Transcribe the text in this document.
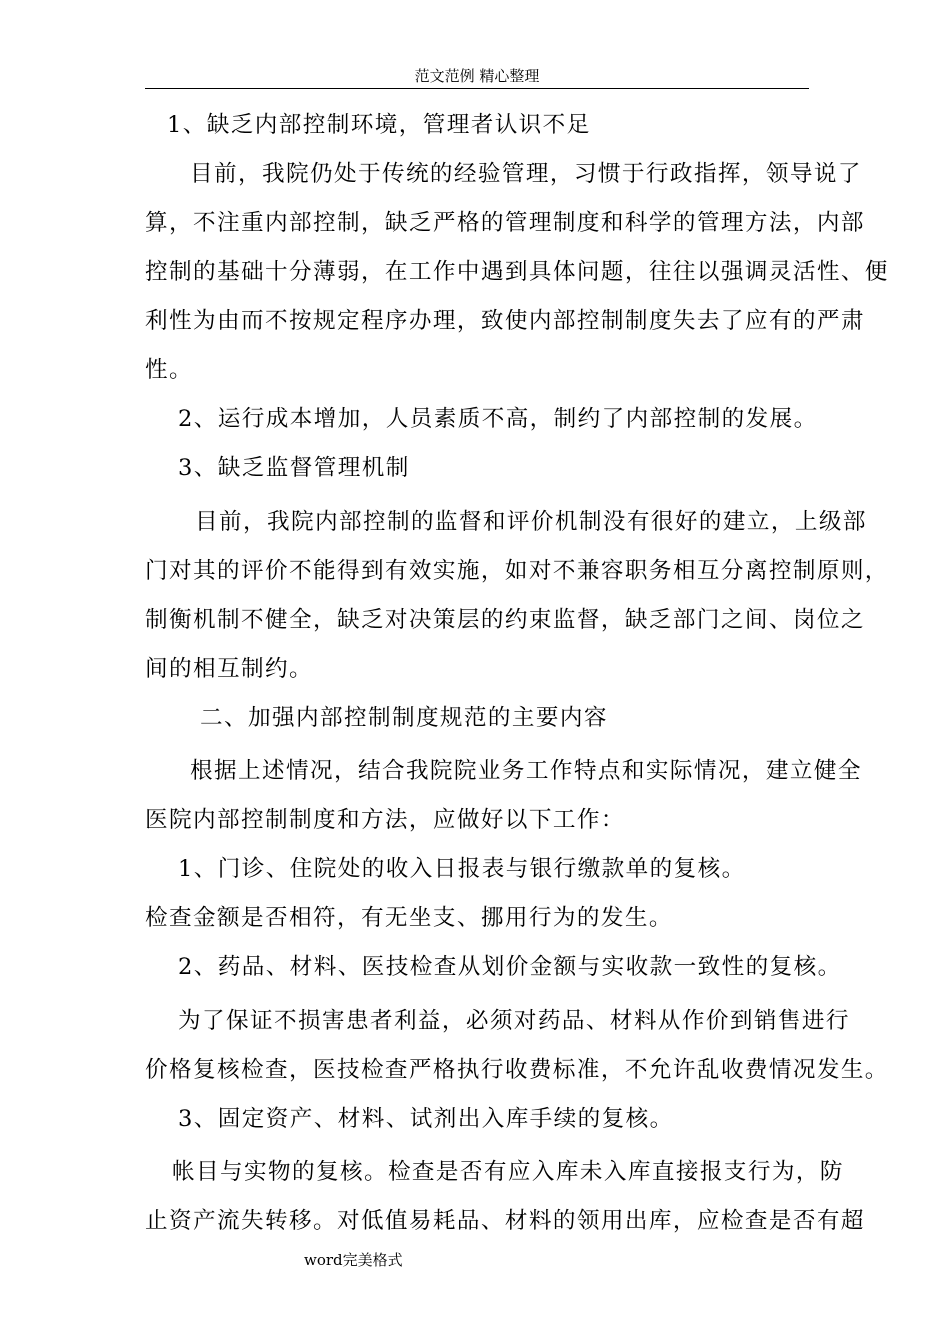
范文范例 精心整理
1、缺乏内部控制环境，管理者认识不足
目前，我院仍处于传统的经验管理，习惯于行政指挥，领导说了
算，不注重内部控制，缺乏严格的管理制度和科学的管理方法，内部
控制的基础十分薄弱，在工作中遇到具体问题，往往以强调灵活性、便
利性为由而不按规定程序办理，致使内部控制制度失去了应有的严肃
性。
2、运行成本增加，人员素质不高，制约了内部控制的发展。
3、缺乏监督管理机制
目前，我院内部控制的监督和评价机制没有很好的建立，上级部
门对其的评价不能得到有效实施，如对不兼容职务相互分离控制原则，
制衡机制不健全，缺乏对决策层的约束监督，缺乏部门之间、岗位之
间的相互制约。
二、加强内部控制制度规范的主要内容
根据上述情况，结合我院院业务工作特点和实际情况，建立健全
医院内部控制制度和方法，应做好以下工作：
1、门诊、住院处的收入日报表与银行缴款单的复核。
检查金额是否相符，有无坐支、挪用行为的发生。
2、药品、材料、医技检查从划价金额与实收款一致性的复核。
为了保证不损害患者利益，必须对药品、材料从作价到销售进行
价格复核检查，医技检查严格执行收费标准，不允许乱收费情况发生。
3、固定资产、材料、试剂出入库手续的复核。
帐目与实物的复核。检查是否有应入库未入库直接报支行为，防
止资产流失转移。对低值易耗品、材料的领用出库，应检查是否有超
word完美格式
